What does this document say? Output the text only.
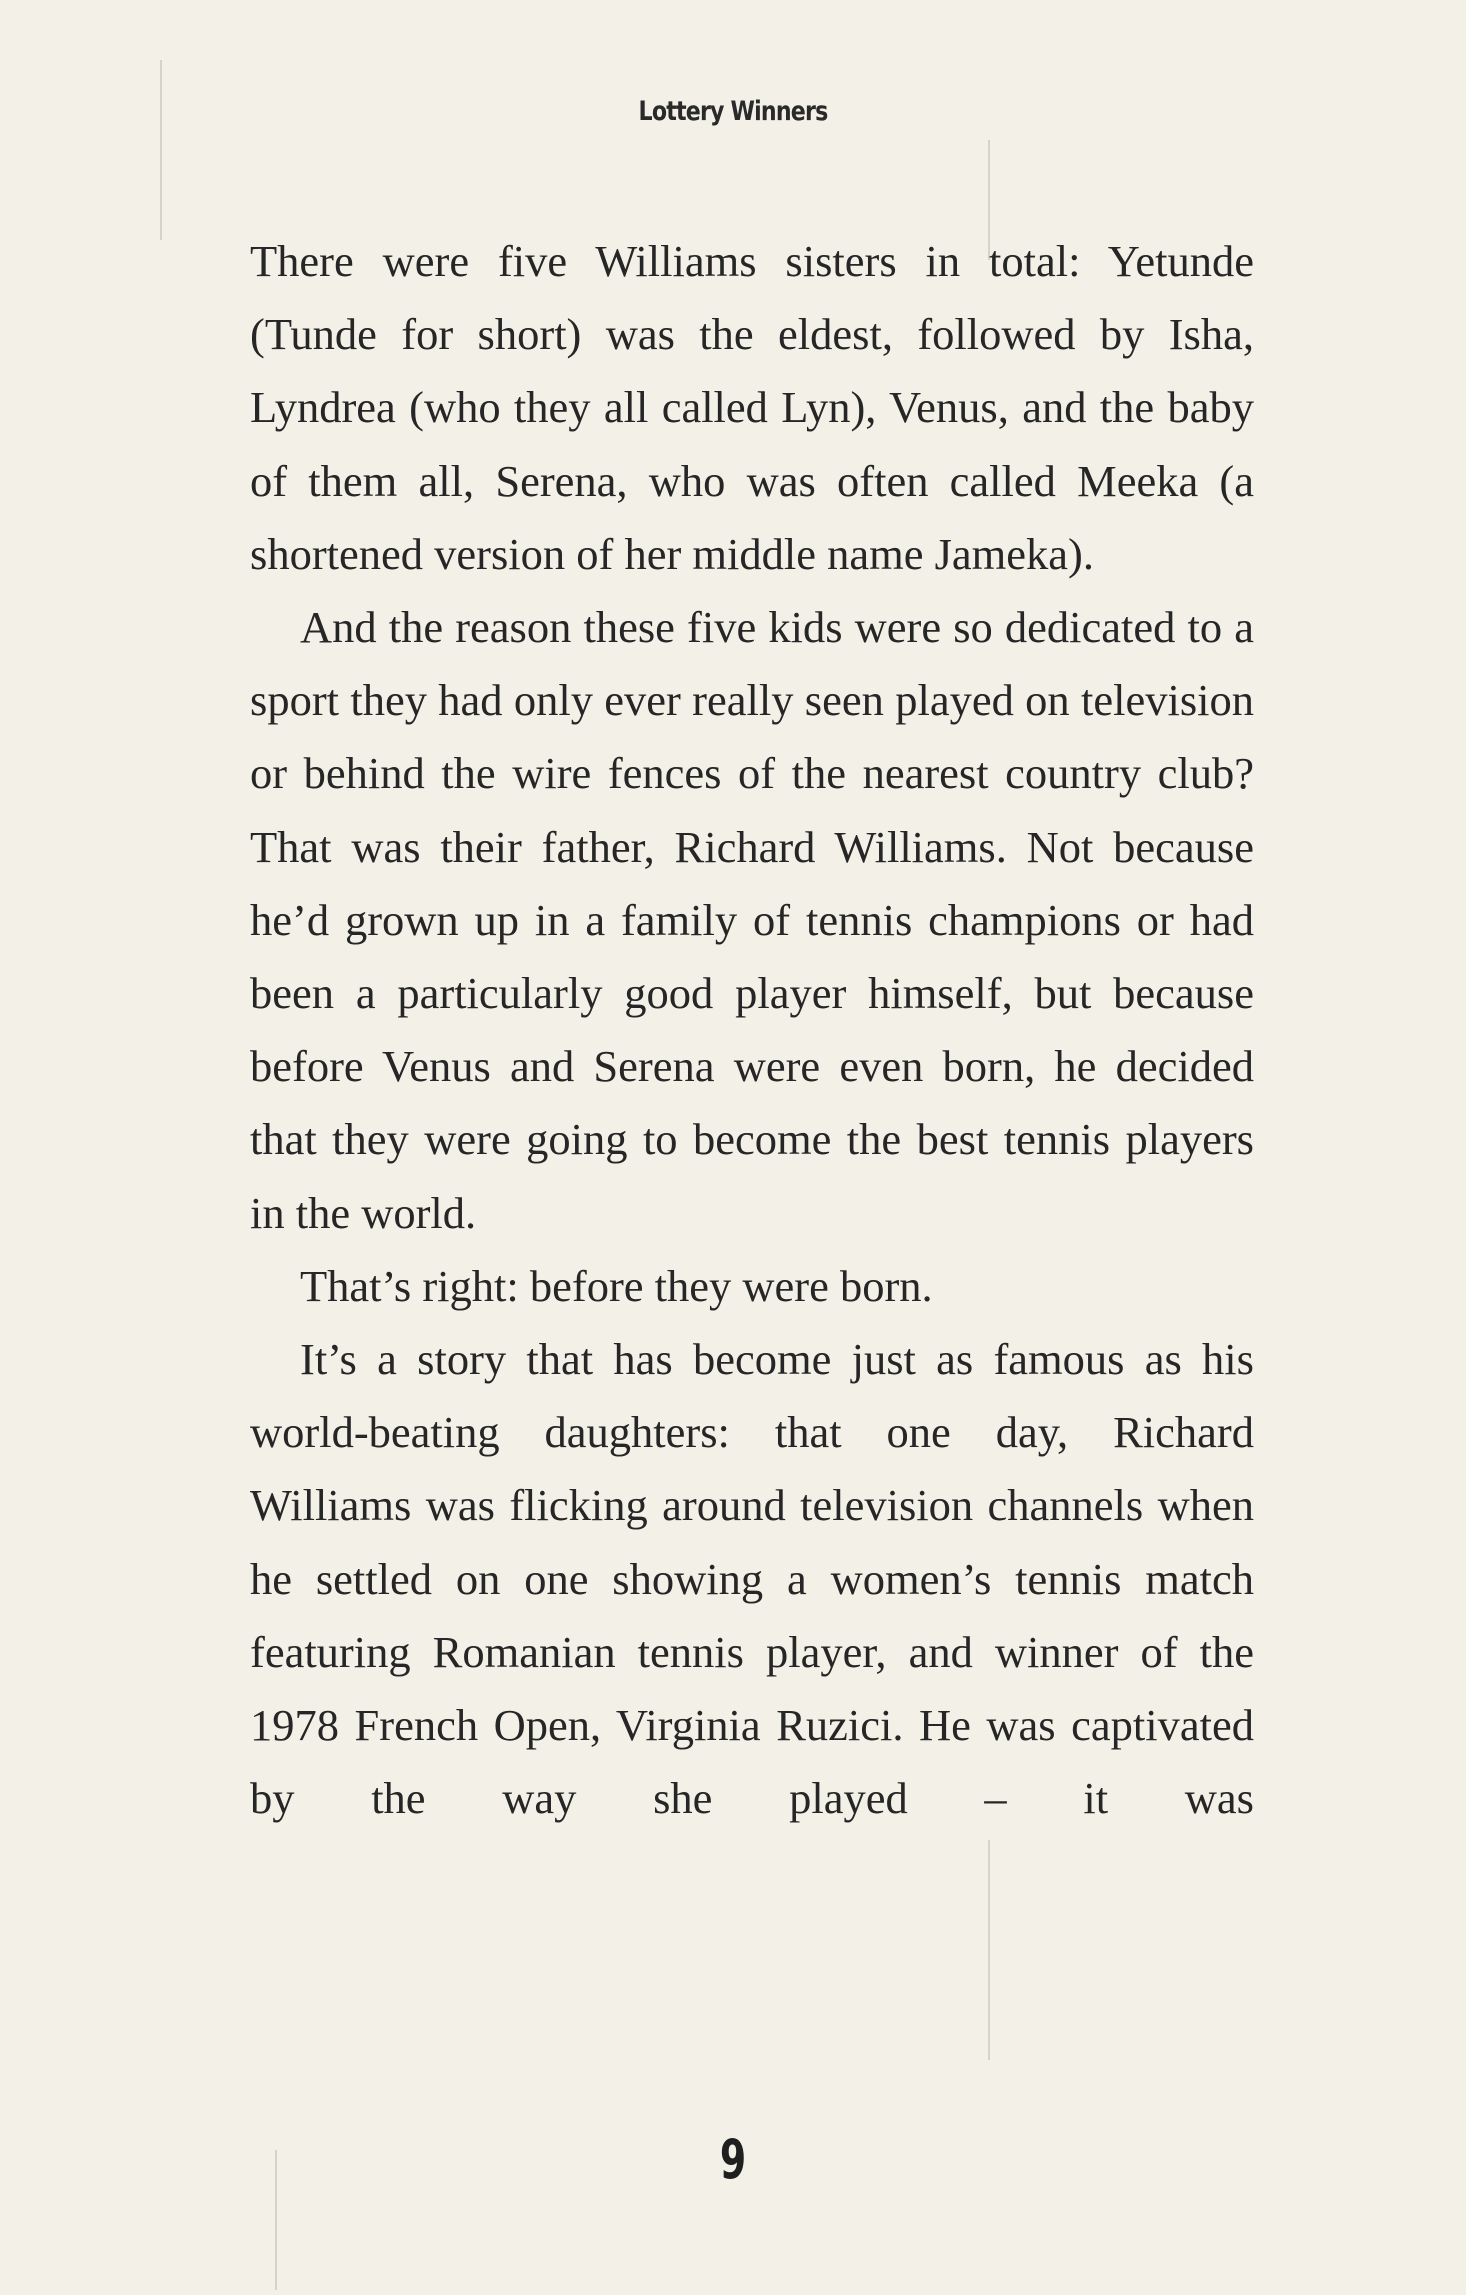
Lottery Winners

There were five Williams sisters in total: Yetunde (Tunde for short) was the eldest, followed by Isha, Lyndrea (who they all called Lyn), Venus, and the baby of them all, Serena, who was often called Meeka (a shortened version of her middle name Jameka).

And the reason these five kids were so dedicated to a sport they had only ever really seen played on television or behind the wire fences of the nearest country club? That was their father, Richard Williams. Not because he’d grown up in a family of tennis champions or had been a particularly good player himself, but because before Venus and Serena were even born, he decided that they were going to become the best tennis players in the world.

That’s right: before they were born.

It’s a story that has become just as famous as his world-beating daughters: that one day, Richard Williams was flicking around television channels when he settled on one showing a women’s tennis match featuring Romanian tennis player, and winner of the 1978 French Open, Virginia Ruzici. He was captivated by the way she played – it was

9
